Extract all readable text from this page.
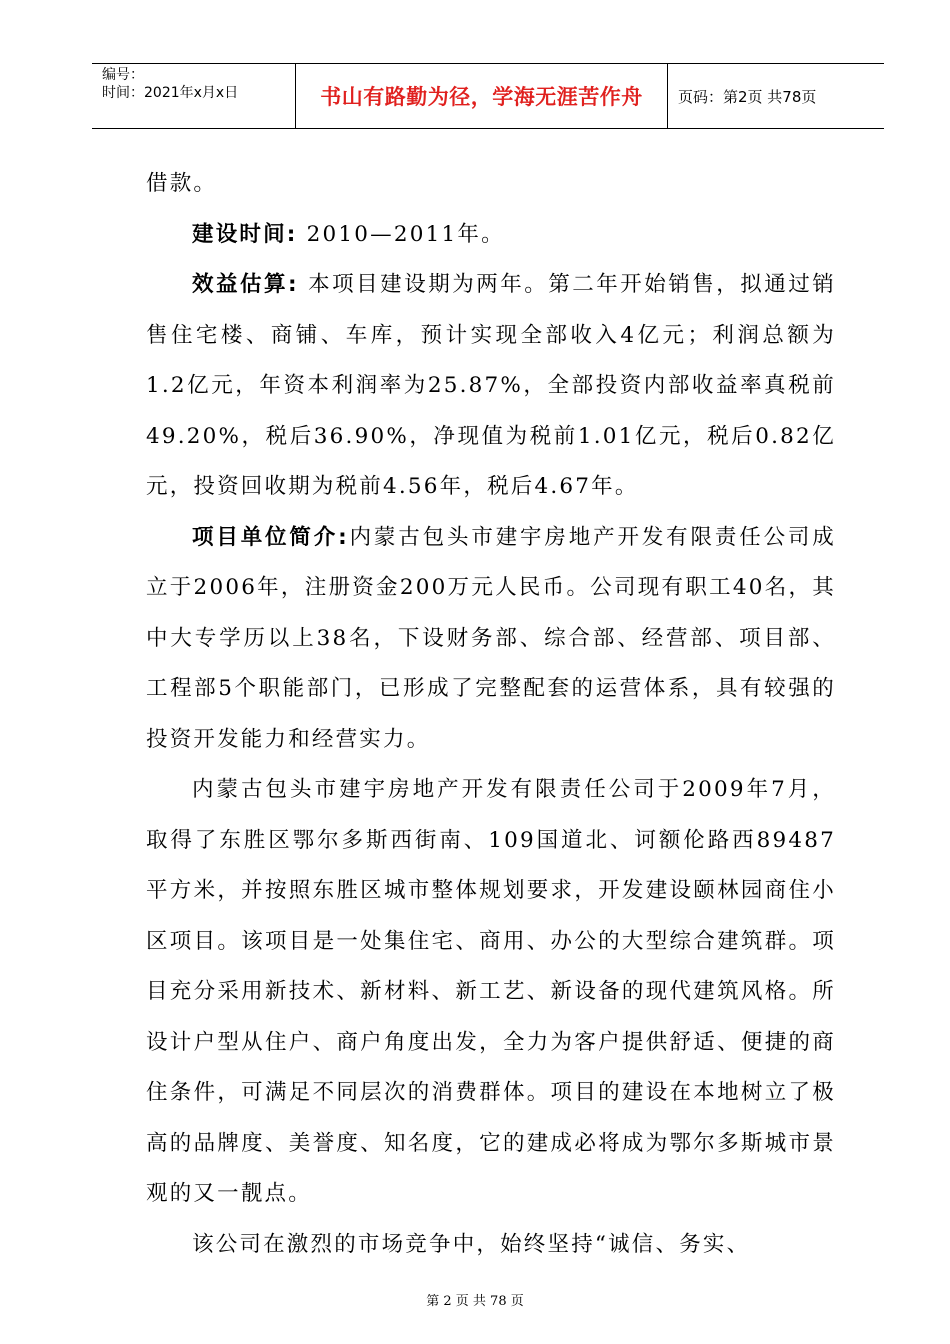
编号：
时间：2021年x月x日	书山有路勤为径，学海无涯苦作舟	页码：第2页 共78页

借款。

建设时间: 2010—2011年。

效益估算: 本项目建设期为两年。第二年开始销售，拟通过销售住宅楼、商铺、车库，预计实现全部收入4亿元；利润总额为1.2亿元，年资本利润率为25.87%，全部投资内部收益率真税前49.20%，税后36.90%，净现值为税前1.01亿元，税后0.82亿元，投资回收期为税前4.56年，税后4.67年。

项目单位简介:内蒙古包头市建宇房地产开发有限责任公司成立于2006年，注册资金200万元人民币。公司现有职工40名，其中大专学历以上38名，下设财务部、综合部、经营部、项目部、工程部5个职能部门，已形成了完整配套的运营体系，具有较强的投资开发能力和经营实力。

内蒙古包头市建宇房地产开发有限责任公司于2009年7月，取得了东胜区鄂尔多斯西街南、109国道北、诃额伦路西89487平方米，并按照东胜区城市整体规划要求，开发建设颐林园商住小区项目。该项目是一处集住宅、商用、办公的大型综合建筑群。项目充分采用新技术、新材料、新工艺、新设备的现代建筑风格。所设计户型从住户、商户角度出发，全力为客户提供舒适、便捷的商住条件，可满足不同层次的消费群体。项目的建设在本地树立了极高的品牌度、美誉度、知名度，它的建成必将成为鄂尔多斯城市景观的又一靓点。

该公司在激烈的市场竞争中，始终坚持“诚信、务实、

第 2 页 共 78 页
